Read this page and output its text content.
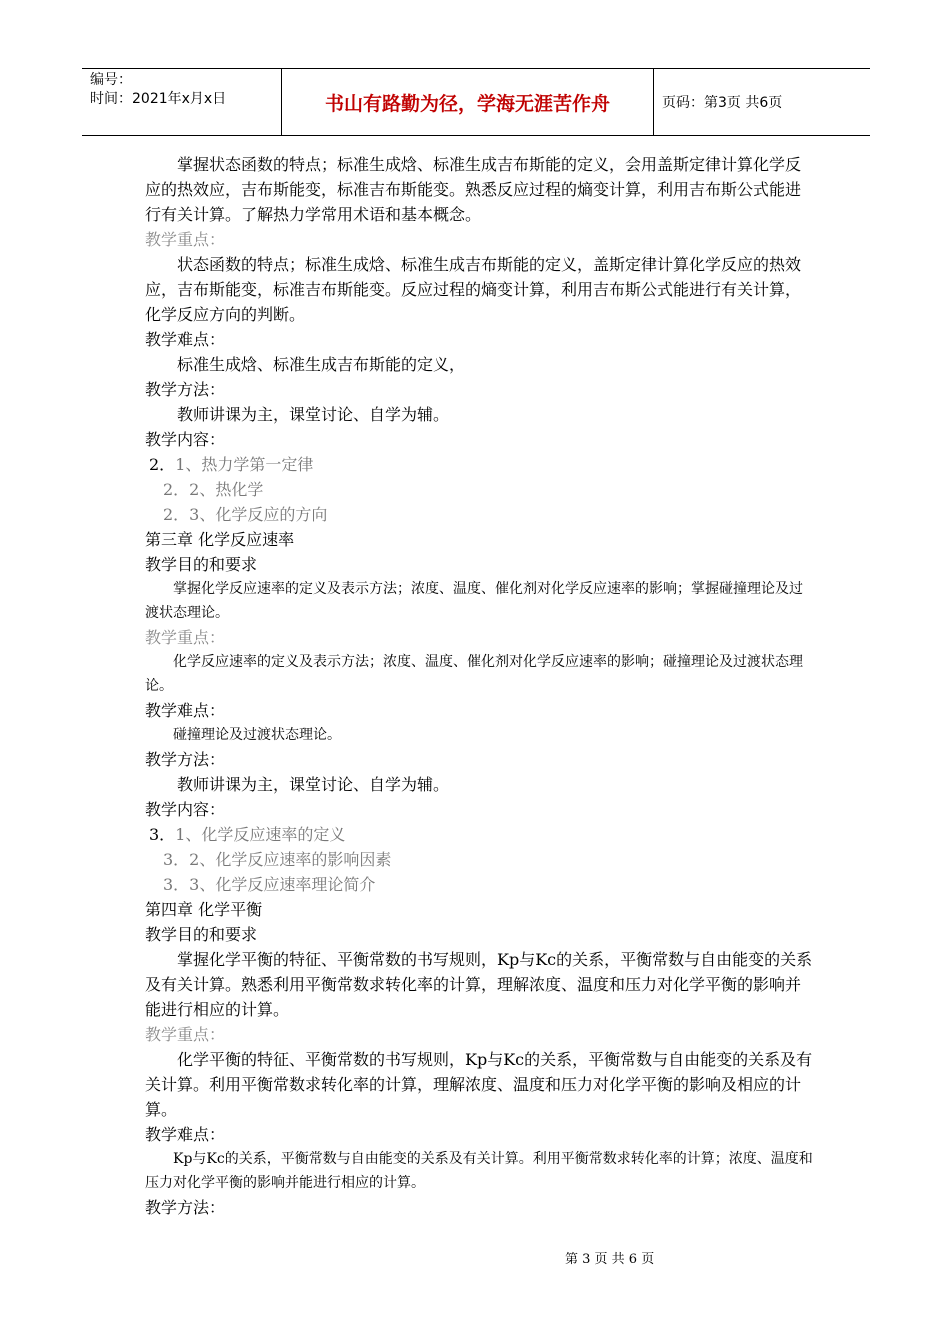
编号：
时间：2021年x月x日	书山有路勤为径，学海无涯苦作舟	页码：第3页 共6页

掌握状态函数的特点；标准生成焓、标准生成吉布斯能的定义，会用盖斯定律计算化学反应的热效应，吉布斯能变，标准吉布斯能变。熟悉反应过程的熵变计算，利用吉布斯公式能进行有关计算。了解热力学常用术语和基本概念。

教学重点：

状态函数的特点；标准生成焓、标准生成吉布斯能的定义，盖斯定律计算化学反应的热效应，吉布斯能变，标准吉布斯能变。反应过程的熵变计算，利用吉布斯公式能进行有关计算，化学反应方向的判断。

教学难点：

标准生成焓、标准生成吉布斯能的定义，

教学方法：

教师讲课为主，课堂讨论、自学为辅。

教学内容：

2．1、热力学第一定律

2．2、热化学

2．3、化学反应的方向

第三章 化学反应速率

教学目的和要求

掌握化学反应速率的定义及表示方法；浓度、温度、催化剂对化学反应速率的影响；掌握碰撞理论及过渡状态理论。

教学重点：

化学反应速率的定义及表示方法；浓度、温度、催化剂对化学反应速率的影响；碰撞理论及过渡状态理论。

教学难点：

碰撞理论及过渡状态理论。

教学方法：

教师讲课为主，课堂讨论、自学为辅。

教学内容：

3．1、化学反应速率的定义

3．2、化学反应速率的影响因素

3．3、化学反应速率理论简介

第四章 化学平衡

教学目的和要求

掌握化学平衡的特征、平衡常数的书写规则，Kp与Kc的关系，平衡常数与自由能变的关系及有关计算。熟悉利用平衡常数求转化率的计算，理解浓度、温度和压力对化学平衡的影响并能进行相应的计算。

教学重点：

化学平衡的特征、平衡常数的书写规则，Kp与Kc的关系，平衡常数与自由能变的关系及有关计算。利用平衡常数求转化率的计算，理解浓度、温度和压力对化学平衡的影响及相应的计算。

教学难点：

Kp与Kc的关系，平衡常数与自由能变的关系及有关计算。利用平衡常数求转化率的计算；浓度、温度和压力对化学平衡的影响并能进行相应的计算。

教学方法：

第 3 页 共 6 页
